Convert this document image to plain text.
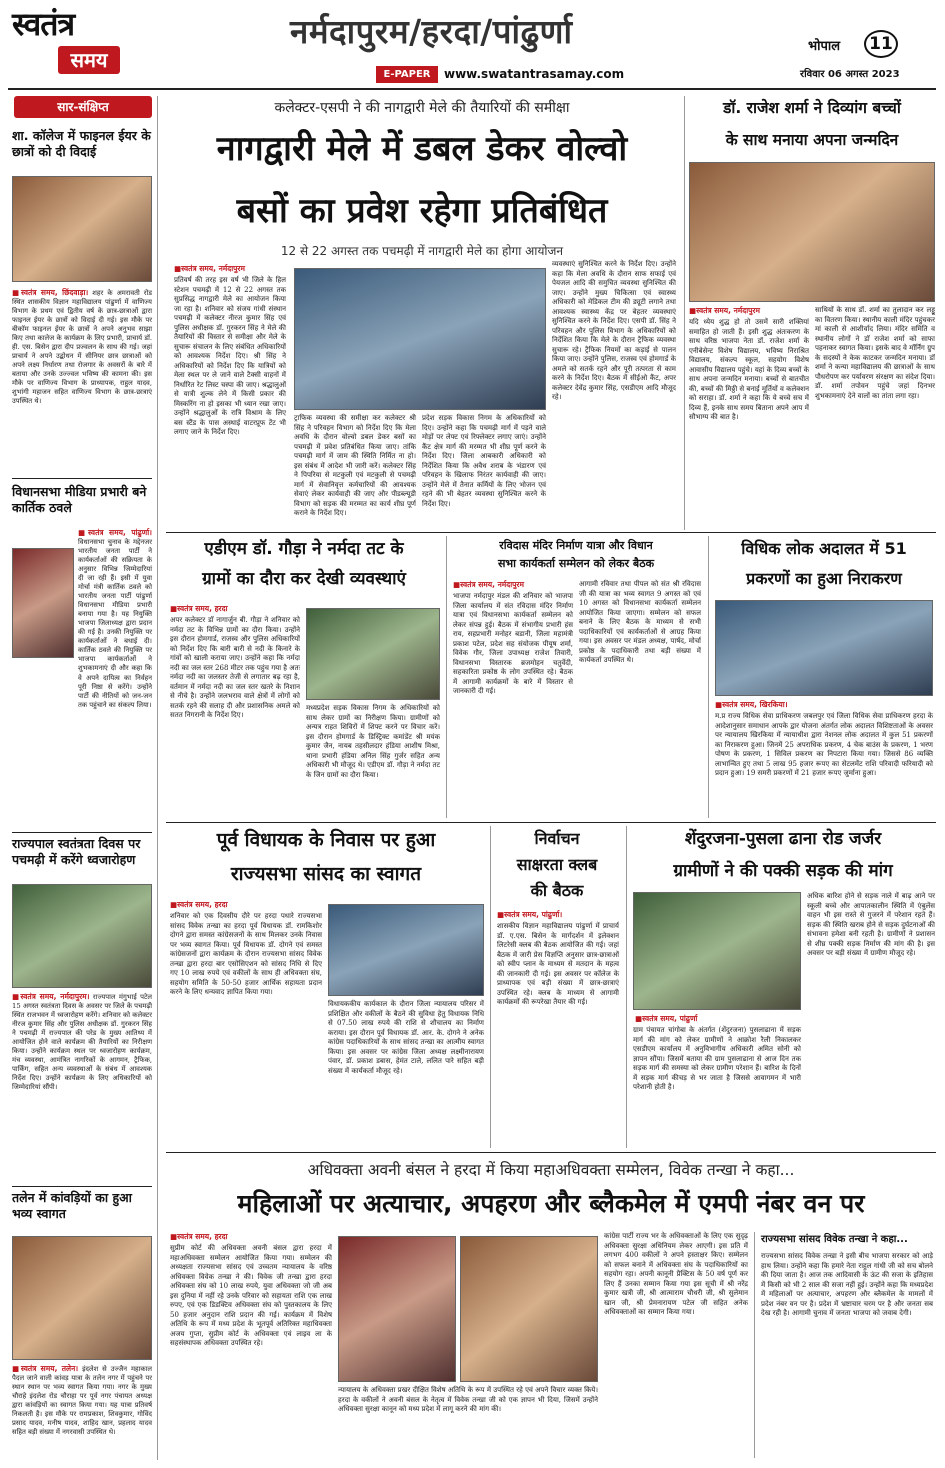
स्वतंत्र
समय
नर्मदापुरम/हरदा/पांढुर्णा
E-PAPER	www.swatantrasamay.com
भोपाल	11
रविवार 06 अगस्त 2023
सार-संक्षिप्त
शा. कॉलेज में फाइनल ईयर के छात्रों को दी विदाई
■ स्वतंत्र समय, छिंदवाड़ा। शहर के अमरावती रोड स्थित शासकीय विज्ञान महाविद्यालय पांढुर्णा में वाणिज्य विभाग के प्रथम एवं द्वितीय वर्ष के छात्र-छात्राओं द्वारा फाइनल ईयर के छात्रों को विदाई दी गई। इस मौके पर बीकॉम फाइनल ईयर के छात्रों ने अपने अनुभव साझा किए तथा कालेज के कार्यक्रम के लिए प्रभारी, प्राचार्य डॉ. ही. एस. बिसेन द्वारा दीप प्रज्वलन के साथ की गई। जहां प्राचार्य ने अपने उद्बोधन में सीनियर छात्र छात्राओं को अपने लक्ष्य निर्धारण तथा रोजगार के अवसरों के बारे में बताया और उनके उज्ज्वल भविष्य की कामना की। इस मौके पर वाणिज्य विभाग के प्राध्यापक, राहुल यादव, शुभांगी महाजन सहित वाणिज्य विभाग के छात्र-छात्राएं उपस्थित थे।
विधानसभा मीडिया प्रभारी बने कार्तिक ठवले
■ स्वतंत्र समय, पांढुर्णा। विधानसभा चुनाव के मद्देनजर भारतीय जनता पार्टी ने कार्यकर्ताओं की सक्रियता के अनुसार विभिन्न जिम्मेदारियां दी जा रही हैं। इसी में युवा मोर्चा मंत्री कार्तिक ठवले को भारतीय जनता पार्टी पांढुर्णा विधानसभा मीडिया प्रभारी बनाया गया है। यह नियुक्ति भाजपा जिलाध्यक्ष द्वारा प्रदान की गई है। उनकी नियुक्ति पर कार्यकर्ताओं ने बधाई दी। कार्तिक ठवले की नियुक्ति पर भाजपा कार्यकर्ताओं ने शुभकामनाएं दी और कहा कि वे अपने दायित्व का निर्वहन पूरी निष्ठा से करेंगे। उन्होंने पार्टी की नीतियों को जन-जन तक पहुंचाने का संकल्प लिया।
राज्यपाल स्वतंत्रता दिवस पर पचमढ़ी में करेंगे ध्वजारोहण
■ स्वतंत्र समय, नर्मदापुरम। राज्यपाल मंगुभाई पटेल 15 अगस्त स्वतंत्रता दिवस के अवसर पर जिले के पचमढ़ी स्थित राजभवन में ध्वजारोहण करेंगे। शनिवार को कलेक्टर नीरज कुमार सिंह और पुलिस अधीक्षक डॉ. गुरकरन सिंह ने पचमढ़ी में राज्यपाल की परेड के मुख्य आतिथ्य में आयोजित होने वाले कार्यक्रम की तैयारियों का निरीक्षण किया। उन्होंने कार्यक्रम स्थल पर ध्वजारोहण कार्यक्रम, मंच व्यवस्था, आमंत्रित नागरिकों के आगमन, ट्रैफिक, पार्किंग, सहित अन्य व्यवस्थाओं के संबंध में आवश्यक निर्देश दिए। उन्होंने कार्यक्रम के लिए अधिकारियों को जिम्मेदारियां सौंपी।
तलेन में कांवड़ियों का हुआ भव्य स्वागत
■ स्वतंत्र समय, तलेन। इंदलेश से उज्जैन महाकाल पैदल जाने वाली कांवड़ यात्रा के तलेन नगर में पहुंचने पर स्थान स्थान पर भव्य स्वागत किया गया। नगर के मुख्य चौराहे इंदलेश रोड चौराहा पर पूर्व नगर पंचायत अध्यक्ष द्वारा कांवड़ियों का स्वागत किया गया। यह यात्रा प्रतिवर्ष निकलती है। इस मौके पर रामप्रकाश, शिवकुमार, गोविंद प्रसाद यादव, मनीष यादव, शाहिद खान, प्रहलाद यादव सहित बड़ी संख्या में नगरवासी उपस्थित थे।
कलेक्टर-एसपी ने की नागद्वारी मेले की तैयारियों की समीक्षा
नागद्वारी मेले में डबल डेकर वोल्वो
बसों का प्रवेश रहेगा प्रतिबंधित
12 से 22 अगस्त तक पचमढ़ी में नागद्वारी मेले का होगा आयोजन
■ स्वतंत्र समय, नर्मदापुरम
प्रतिवर्ष की तरह इस वर्ष भी जिले के हिल स्टेशन पचमढ़ी में 12 से 22 अगस्त तक सुप्रसिद्ध नागद्वारी मेले का आयोजन किया जा रहा है। शनिवार को संजय गांधी संस्थान पचमढ़ी में कलेक्टर नीरज कुमार सिंह एवं पुलिस अधीक्षक डॉ. गुरकरन सिंह ने मेले की तैयारियों की विस्तार से समीक्षा और मेले के सुचारू संचालन के लिए संबंधित अधिकारियों को आवश्यक निर्देश दिए। श्री सिंह ने अधिकारियों को निर्देश दिए कि यात्रियों को मेला स्थल पर ले जाने वाले टैक्सी वाहनों में निर्धारित रेट लिस्ट चस्पा की जाए। श्रद्धालुओं से यात्री शुल्क लेने में किसी प्रकार की मिस्करिंग ना हो इसका भी ध्यान रखा जाए। उन्होंने श्रद्धालुओं के रात्रि विश्राम के लिए बस स्टैंड के पास अस्थाई वाटरप्रूफ टेंट भी लगाए जाने के निर्देश दिए।
ट्राफिक व्यवस्था की समीक्षा कर कलेक्टर श्री सिंह ने परिवहन विभाग को निर्देश दिए कि मेला अवधि के दौरान वोल्वो डबल डेकर बसों का पचमढ़ी में प्रवेश प्रतिबंधित किया जाए। तांकि पचमढ़ी मार्ग में जाम की स्थिति निर्मित ना हो। इस संबंध में आदेश भी जारी करें। कलेक्टर सिंह ने पिपरिया से मटकुली एवं मटकुली से पचमढ़ी मार्ग में सेवानिवृत्त कर्मचारियों की आवश्यक सेवाएं लेकर कार्यवाही की जाए और पीडब्ल्यूडी विभाग को सड़क की मरम्मत का कार्य शीघ्र पूर्ण कराने के निर्देश दिए।
प्रदेश सड़क विकास निगम के अधिकारियों को दिए। उन्होंने कहा कि पचमढ़ी मार्ग में पड़ने वाले मोड़ों पर लेफ्ट एवं रिफ्लेक्टर लगाए जाएं। उन्होंने कैंट क्षेत्र मार्ग की मरम्मत भी शीघ्र पूर्ण करने के निर्देश दिए। जिला आबकारी अधिकारी को निर्देशित किया कि अवैध शराब के भंडारण एवं परिवहन के खिलाफ निरंतर कार्यवाही की जाए। उन्होंने मेले में तैनात कर्मियों के लिए भोजन एवं रहने की भी बेहतर व्यवस्था सुनिश्चित करने के निर्देश दिए।
व्यवस्थाएं सुनिश्चित करने के निर्देश दिए। उन्होंने कहा कि मेला अवधि के दौरान साफ सफाई एवं पेयजल आदि की समुचित व्यवस्था सुनिश्चित की जाए। उन्होंने मुख्य चिकित्सा एवं स्वास्थ्य अधिकारी को मेडिकल टीम की ड्यूटी लगाने तथा आवश्यक स्वास्थ्य केंद्र पर बेहतर व्यवस्थाएं सुनिश्चित करने के निर्देश दिए। एसपी डॉ. सिंह ने परिवहन और पुलिस विभाग के अधिकारियों को निर्देशित किया कि मेले के दौरान ट्रैफिक व्यवस्था सुचारू रहे। ट्रैफिक नियमों का कड़ाई से पालन किया जाए। उन्होंने पुलिस, राजस्व एवं होमगार्ड के अमले को सतर्क रहने और पूरी तत्परता से काम करने के निर्देश दिए। बैठक में सीईओ कैंट, अपर कलेक्टर देवेंद्र कुमार सिंह, एसडीएम आदि मौजूद रहे।
डॉ. राजेश शर्मा ने दिव्यांग बच्चों
के साथ मनाया अपना जन्मदिन
■ स्वतंत्र समय, नर्मदापुरम
यदि ध्येय शुद्ध हो तो उसमें सारी शक्तियां समाहित हो जाती हैं। इसी शुद्ध अंतःकरण के साथ वरिष्ठ भाजपा नेता डॉ. राजेश शर्मा के एनीबेसेन्ट विशेष विद्यालय, भविष्य निराश्रित विद्यालय, संकल्प स्कूल, सहयोग विशेष आवासीय विद्यालय पहुंचे। यहां के दिव्य बच्चों के साथ अपना जन्मदिन मनाया। बच्चों से बातचीत की, बच्चों की मिठ्ठी से बनाई मूर्तियों व कलेक्शन को सराहा। डॉ. शर्मा ने कहा कि ये बच्चे सच में दिव्य हैं, इनके साथ समय बिताना अपने आप में सौभाग्य की बात है।
साथियों के साथ डॉ. शर्मा का तुलादान कर लड्डू का वितरण किया। स्थानीय काली मंदिर पहुंचकर मां काली से आशीर्वाद लिया। मंदिर समिति व स्थानीय लोगों ने डॉ राजेश शर्मा को साफा पहनाकर स्वागत किया। इसके बाद वे मॉर्निंग ग्रुप के सदस्यों ने केक काटकर जन्मदिन मनाया। डॉ शर्मा ने कन्या महाविद्यालय की छात्राओं के साथ पौधरोपण कर पर्यावरण संरक्षण का संदेश दिया। डॉ. शर्मा तपोवन पहुंचे जहां दिनभर शुभकामनाएं देने वालों का तांता लगा रहा।
एडीएम डॉ. गौड़ा ने नर्मदा तट के
ग्रामों का दौरा कर देखी व्यवस्थाएं
■ स्वतंत्र समय, हरदा
अपर कलेक्टर डॉ नागार्जुन बी. गौड़ा ने शनिवार को नर्मदा तट के विभिन्न ग्रामों का दौरा किया। उन्होंने इस दौरान होमगार्ड, राजस्व और पुलिस अधिकारियों को निर्देश दिए कि बारी बारी से नदी के किनारे के गांवों को खाली कराया जाए। उन्होंने कहा कि नर्मदा नदी का जल स्तर 268 मीटर तक पहुंच गया है अतः नर्मदा नदी का जलस्तर तेजी से लगातार बढ़ रहा है, वर्तमान में नर्मदा नदी का जल स्तर खतरे के निशान से नीचे है। उन्होंने जलभराव वाले क्षेत्रों में लोगों को सतर्क रहने की सलाह दी और प्रशासनिक अमले को सतत निगरानी के निर्देश दिए।
मध्यप्रदेश सड़क विकास निगम के अधिकारियों को साथ लेकर ग्रामों का निरीक्षण किया। ग्रामीणों को अन्यत्र राहत शिविरों में शिफ्ट करने पर विचार करें। इस दौरान होमगार्ड के डिस्ट्रिक्ट कमांडेंट श्री मयंक कुमार जैन, नायब तहसीलदार हंडिया आशीष मिश्रा, थाना प्रभारी हंडिया अनिल सिंह गुर्जर सहित अन्य अधिकारी भी मौजूद थे। एडीएम डॉ. गौड़ा ने नर्मदा तट के जिन ग्रामों का दौरा किया।
रविदास मंदिर निर्माण यात्रा और विधान
सभा कार्यकर्ता सम्मेलन को लेकर बैठक
■ स्वतंत्र समय, नर्मदापुरम
भाजपा नर्मदापुर मंडल की शनिवार को भाजपा जिला कार्यालय में संत रविदास मंदिर निर्माण यात्रा एवं विधानसभा कार्यकर्ता सम्मेलन को लेकर संपन्न हुई। बैठक में संभागीय प्रभारी हंस राय, सहप्रभारी मनोहर बडानी, जिला महामंत्री प्रकाश पटेल, प्रदेश सह संयोजक पीयूष शर्मा, विवेक गौर, जिला उपाध्यक्ष राजेश तिवारी, विधानसभा विस्तारक ब्रजमोहन चतुर्वेदी, सहकारिता प्रकोष्ठ के लोग उपस्थित रहे। बैठक में आगामी कार्यक्रमों के बारे में विस्तार से जानकारी दी गई।
आगामी रविवार तथा पीपल को संत श्री रविदास जी की यात्रा का भव्य स्वागत 9 अगस्त को एवं 10 अगस्त को विधानसभा कार्यकर्ता सम्मेलन आयोजित किया जाएगा। सम्मेलन को सफल बनाने के लिए बैठक के माध्यम से सभी पदाधिकारियों एवं कार्यकर्ताओं से आग्रह किया गया। इस अवसर पर मंडल अध्यक्ष, पार्षद, मोर्चा प्रकोष्ठ के पदाधिकारी तथा बड़ी संख्या में कार्यकर्ता उपस्थित थे।
विधिक लोक अदालत में 51
प्रकरणों का हुआ निराकरण
■ स्वतंत्र समय, खिरकिया।
म.प्र राज्य विधिक सेवा प्राधिकरण जबलपुर एवं जिला विधिक सेवा प्राधिकरण हरदा के आदेशानुसार समाधान आपके द्वार योजना अंतर्गत लोक अदालत विशिष्टताओं के अवसर पर न्यायालय खिरकिया में न्यायाधीश द्वारा नेशनल लोक अदालत में कुल 51 प्रकरणों का निराकरण हुआ। जिनमें 25 अपराधिक प्रकरण, 4 चेक बाउंस के प्रकरण, 1 भरण पोषण के प्रकरण, 1 सिविल प्रकरण का निपटारा किया गया। जिससे 86 व्यक्ति लाभान्वित हुए तथा 5 लाख 95 हजार रूपए का सेटलमेंट राशि परिवादी फरियादी को प्रदान हुआ। 19 समरी प्रकरणों में 21 हजार रूपए जुर्माना हुआ।
पूर्व विधायक के निवास पर हुआ
राज्यसभा सांसद का स्वागत
■ स्वतंत्र समय, हरदा
शनिवार को एक दिवसीय दौरे पर हरदा पधारे राज्यसभा सांसद विवेक तन्खा का हरदा पूर्व विधायक डॉ. रामकिशोर दोगने द्वारा समस्त कांग्रेसजनों के साथ मिलकर उनके निवास पर भव्य स्वागत किया। पूर्व विधायक डॉ. दोगने एवं समस्त कांग्रेसजनों द्वारा कार्यक्रम के दौरान राज्यसभा सांसद विवेक तन्खा द्वारा हरदा बार एसोसिएशन को सांसद निधि से दिए गए 10 लाख रुपये एवं वकीलों के साथ ही अधिवक्ता संघ, सहयोग समिति के 50-50 हजार आर्थिक सहायता प्रदान करने के लिए धन्यवाद ज्ञापित किया गया।
विधायककीय कार्यकाल के दौरान जिला न्यायालय परिसर में प्रशिक्षित और वकीलों के बैठने की सुविधा हेतु विधायक निधि से 07.50 लाख रुपये की राशि से शौचालय का निर्माण कराया। इस दौरान पूर्व विधायक डॉ. आर. के. दोगने ने अनेक कांग्रेस पदाधिकारियों के साथ सांसद तन्खा का आत्मीय स्वागत किया। इस अवसर पर कांग्रेस जिला अध्यक्ष लक्ष्मीनारायण पंवार, डॉ. प्रकाश डबास, हेमंत टाले, ललित पारे सहित बड़ी संख्या में कार्यकर्ता मौजूद रहे।
निर्वाचन
साक्षरता क्लब
की बैठक
■ स्वतंत्र समय, पांढुर्णा।
शासकीय विज्ञान महाविद्यालय पांढुर्णा में प्राचार्य डॉ. ए.एस. बिसेन के मार्गदर्शन में इलेक्शन लिटरेसी क्लब की बैठक आयोजित की गई। जहां बैठक में जारी प्रेस विज्ञप्ति अनुसार छात्र-छात्राओं को स्वीप प्लान के माध्यम से मतदान के महत्व की जानकारी दी गई। इस अवसर पर कॉलेज के प्राध्यापक एवं बड़ी संख्या में छात्र-छात्राएं उपस्थित रहे। क्लब के माध्यम से आगामी कार्यक्रमों की रूपरेखा तैयार की गई।
शेंदुरजना-पुसला ढाना रोड जर्जर
ग्रामीणों ने की पक्की सड़क की मांग
■ स्वतंत्र समय, पांढुर्णा
ग्राम पंचायत चांगोबा के अंतर्गत (शेंदुरजना) पुसलाढाना में सड़क मार्ग की मांग को लेकर ग्रामीणों ने आक्रोश रैली निकालकर एसडीएम कार्यालय में अनुविभागीय अधिकारी अमित सोनी को ज्ञापन सौंपा। जिसमें बताया की ग्राम पुसलाढाना से आज दिन तक सड़क मार्ग की समस्या को लेकर ग्रामीण परेशान हैं। बारिश के दिनों में सड़क मार्ग कीचड़ से भर जाता है जिससे आवागमन में भारी परेशानी होती है।
अधिक बारिश होने से सड़क नाले में बाढ़ आने पर स्कूली बच्चे और आपातकालीन स्थिति में एंबुलेंस वाहन भी इस रास्ते से गुजरने में परेशान रहते हैं। सड़क की स्थिति खराब होने से सड़क दुर्घटनाओं की संभावना हमेशा बनी रहती है। ग्रामीणों ने प्रशासन से शीघ्र पक्की सड़क निर्माण की मांग की है। इस अवसर पर बड़ी संख्या में ग्रामीण मौजूद रहे।
अधिवक्ता अवनी बंसल ने हरदा में किया महाअधिवक्ता सम्मेलन, विवेक तन्खा ने कहा...
महिलाओं पर अत्याचार, अपहरण और ब्लैकमेल में एमपी नंबर वन पर
■ स्वतंत्र समय, हरदा
सुप्रीम कोर्ट की अधिवक्ता अवनी बंसल द्वारा हरदा में महाअधिवक्ता सम्मेलन आयोजित किया गया। सम्मेलन की अध्यक्षता राज्यसभा सांसद एवं उच्चतम न्यायालय के वरिष्ठ अधिवक्ता विवेक तन्खा ने की। विवेक जी तन्खा द्वारा हरदा अधिवक्ता संघ को 10 लाख रुपये, युवा अधिवक्ता जो जी अब इस दुनिया में नहीं रहे उनके परिवार को सहायता राशि एक लाख रुपए, एवं एक डिडक्टिव अधिवक्ता संघ को पुस्तकालय के लिए 50 हजार अनुदान राशि प्रदान की गई। कार्यक्रम में विशेष अतिथि के रूप में मध्य प्रदेश के भूतपूर्व अतिरिक्त महाधिवक्ता अजय गुप्ता, सुप्रीम कोर्ट के अधिवक्ता एवं लाइव ला के सहसंस्थापक अधिवक्ता उपस्थित रहे।
न्यायालय के अधिवक्ता प्रखर दीक्षित विशेष अतिथि के रूप में उपस्थित रहे एवं अपने विचार व्यक्त किये। हरदा के वकीलों ने अवनी बंसल के नेतृत्व में विवेक तन्खा जी को एक ज्ञापन भी दिया, जिसमें उन्होंने अधिवक्ता सुरक्षा कानून को मध्य प्रदेश में लागू करने की मांग की।
कांग्रेस पार्टी राज्य भर के अधिवक्ताओं के लिए एक सुदृढ़ अधिवक्ता सुरक्षा अधिनियम लेकर आएगी। इस प्रति में लगभग 400 वकीलों ने अपने हस्ताक्षर किए। सम्मेलन को सफल बनाने में अधिवक्ता संघ के पदाधिकारियों का सहयोग रहा। अपनी कानूनी प्रैक्टिस के 50 वर्ष पूर्ण कर लिए हैं उनका सम्मान किया गया इस सूची में श्री नरेंद्र कुमार खत्री जी, श्री आत्माराम चौधरी जी, श्री सुलेमान खान जी, श्री प्रेमनारायण पटेल जी सहित अनेक अधिवक्ताओं का सम्मान किया गया।
राज्यसभा सांसद विवेक तन्खा ने कहा...
राज्यसभा सांसद विवेक तन्खा ने इसी बीच भाजपा सरकार को आड़े हाथ लिया। उन्होंने कहा कि हमारे नेता राहुल गांधी जी को सच बोलने की दिया जाता है। आज तक आदिवासी के ऊंट की सजा के इतिहास में किसी को भी 2 साल की सजा नहीं हुई। उन्होंने कहा कि मध्यप्रदेश में महिलाओं पर अत्याचार, अपहरण और ब्लैकमेल के मामलों में प्रदेश नंबर वन पर है। प्रदेश में भ्रष्टाचार चरम पर है और जनता सब देख रही है। आगामी चुनाव में जनता भाजपा को जवाब देगी।
